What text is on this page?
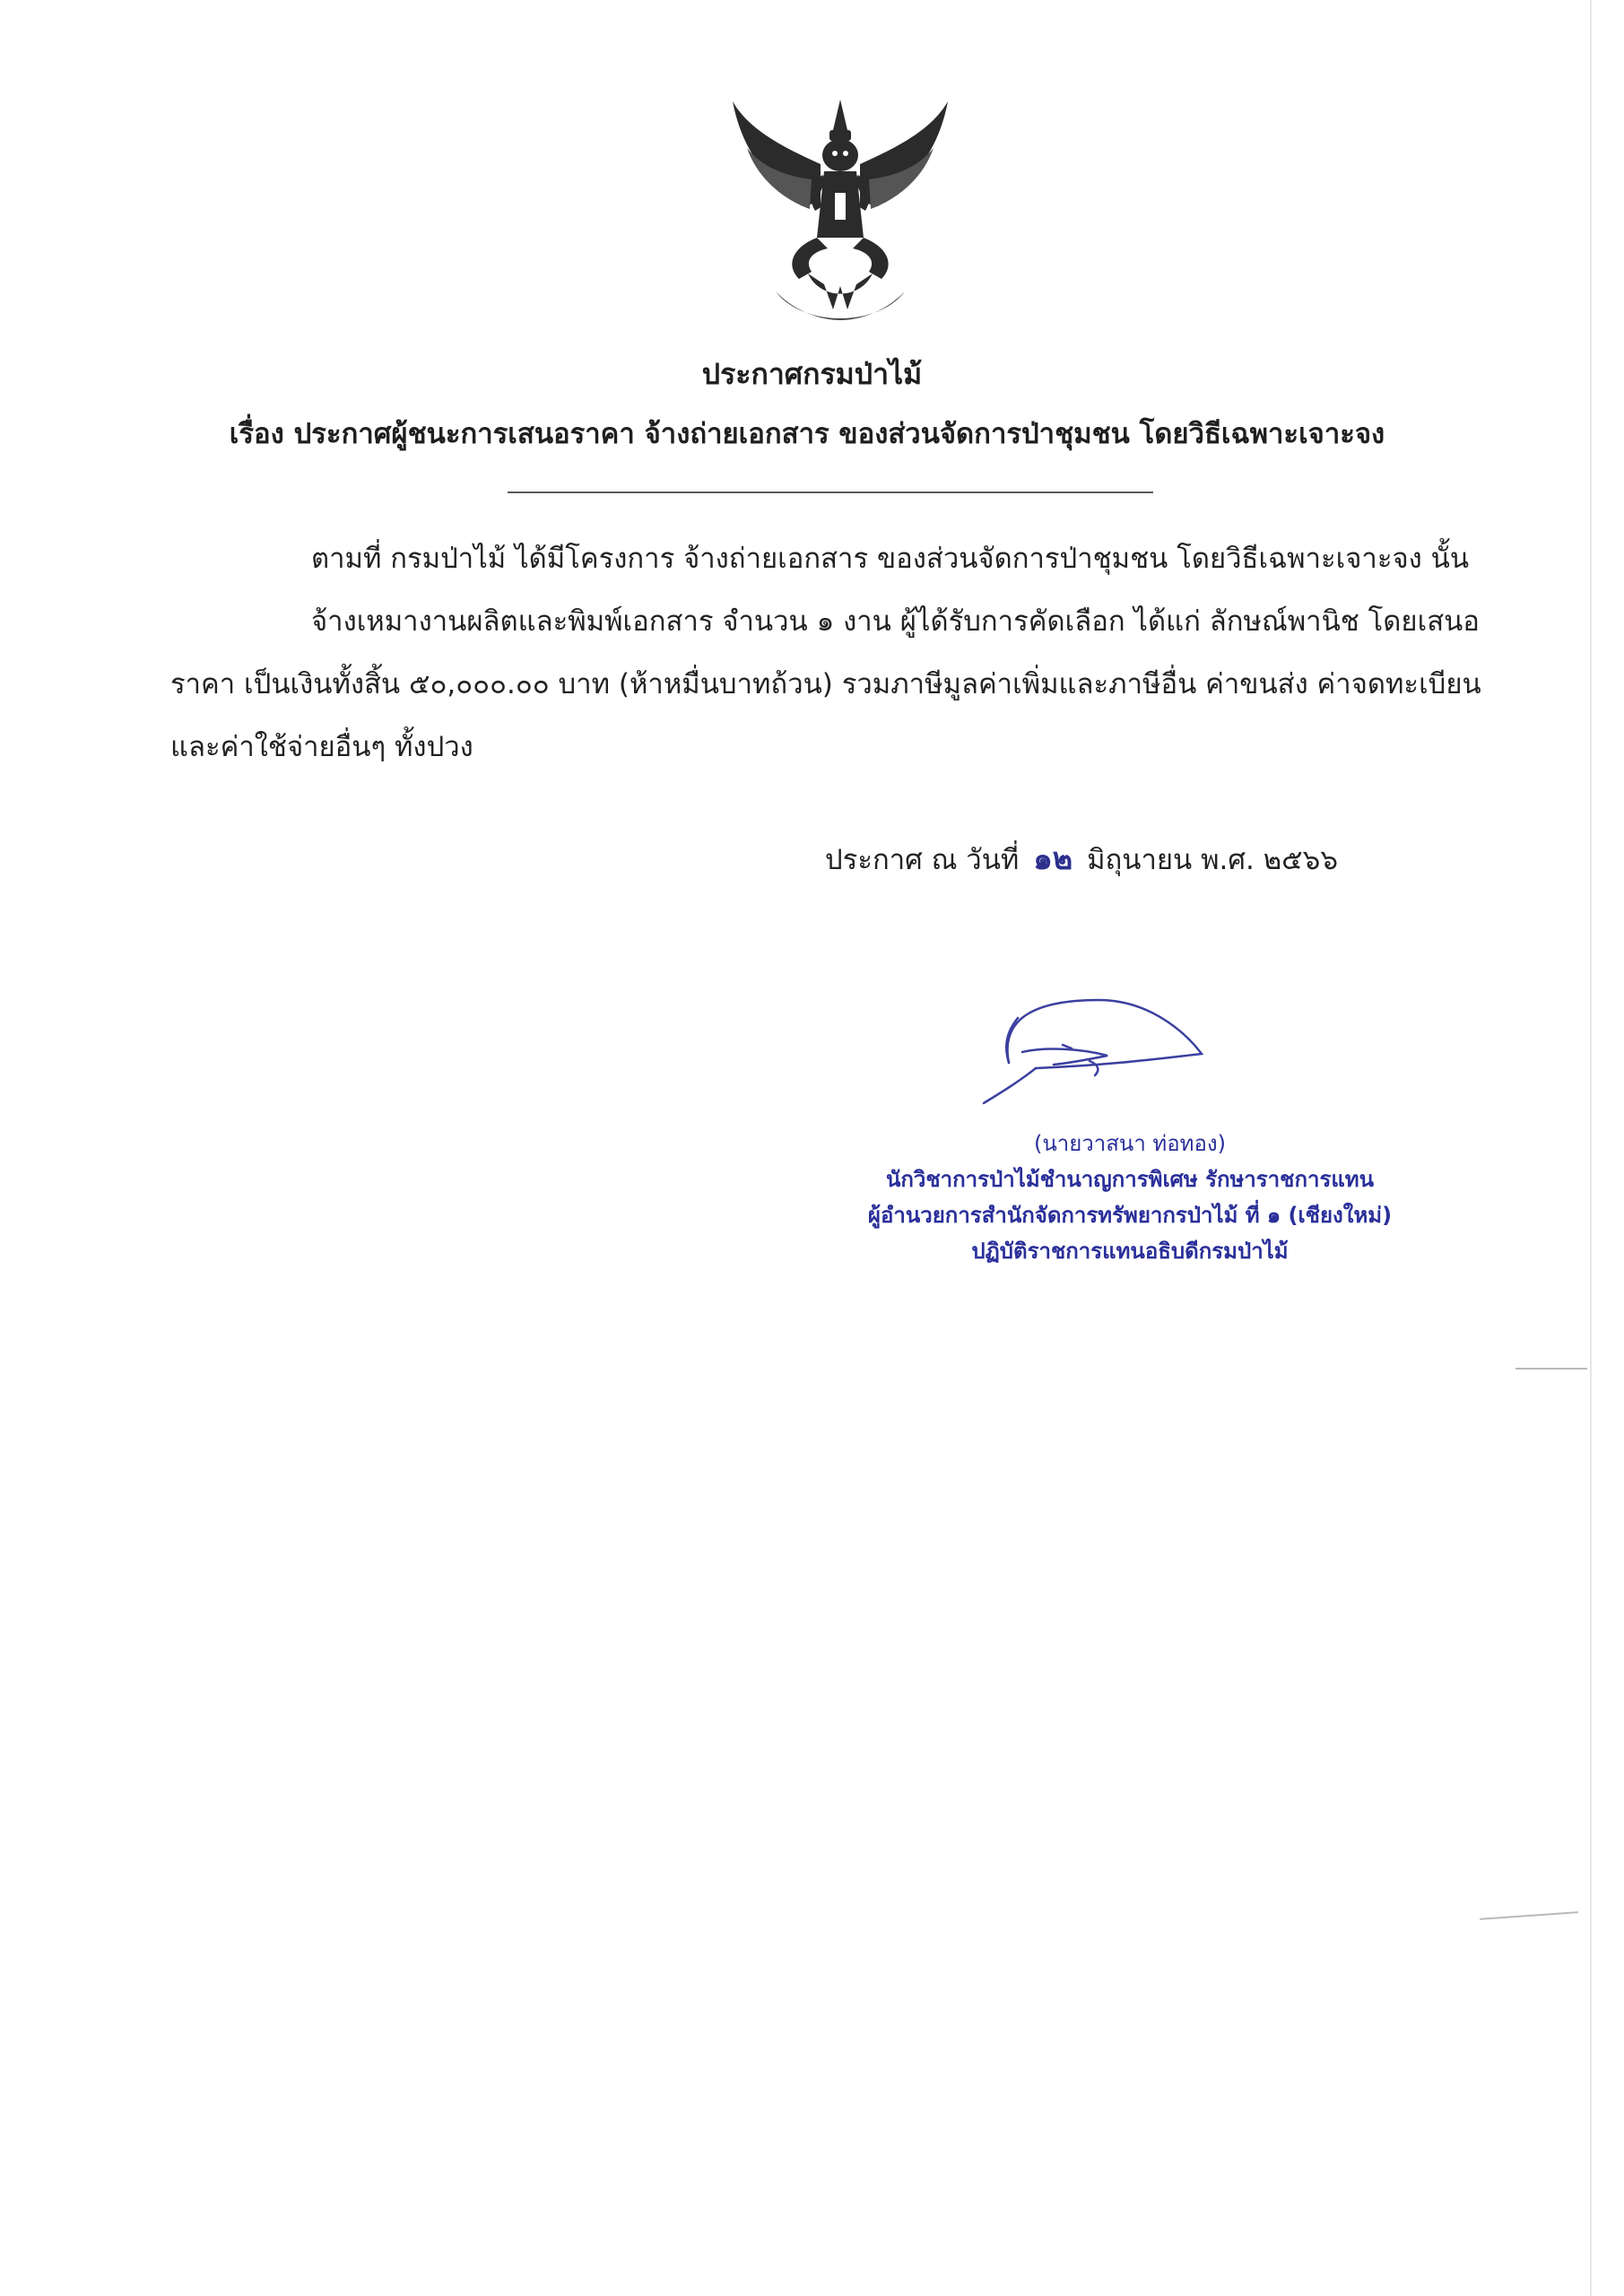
ประกาศกรมป่าไม้
เรื่อง ประกาศผู้ชนะการเสนอราคา จ้างถ่ายเอกสาร ของส่วนจัดการป่าชุมชน โดยวิธีเฉพาะเจาะจง
ตามที่ กรมป่าไม้ ได้มีโครงการ จ้างถ่ายเอกสาร ของส่วนจัดการป่าชุมชน โดยวิธีเฉพาะเจาะจง นั้น
จ้างเหมางานผลิตและพิมพ์เอกสาร จำนวน ๑ งาน ผู้ได้รับการคัดเลือก ได้แก่ ลักษณ์พานิช โดยเสนอ
ราคา เป็นเงินทั้งสิ้น ๕๐,๐๐๐.๐๐ บาท (ห้าหมื่นบาทถ้วน) รวมภาษีมูลค่าเพิ่มและภาษีอื่น ค่าขนส่ง ค่าจดทะเบียน
และค่าใช้จ่ายอื่นๆ ทั้งปวง
ประกาศ ณ วันที่ ๑๒ มิถุนายน พ.ศ. ๒๕๖๖
(นายวาสนา ท่อทอง)
นักวิชาการป่าไม้ชำนาญการพิเศษ รักษาราชการแทน
ผู้อำนวยการสำนักจัดการทรัพยากรป่าไม้ ที่ ๑ (เชียงใหม่)
ปฏิบัติราชการแทนอธิบดีกรมป่าไม้
